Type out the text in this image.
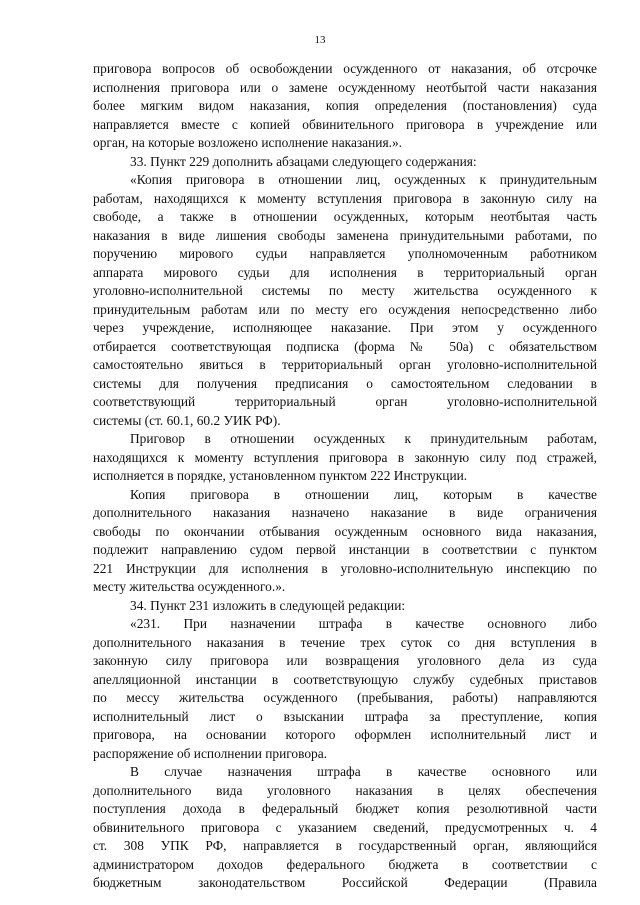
13
приговора вопросов об освобождении осужденного от наказания, об отсрочке
исполнения приговора или о замене осужденному неотбытой части наказания
более мягким видом наказания, копия определения (постановления) суда
направляется вместе с копией обвинительного приговора в учреждение или
орган, на которые возложено исполнение наказания.».
33. Пункт 229 дополнить абзацами следующего содержания:
«Копия приговора в отношении лиц, осужденных к принудительным
работам, находящихся к моменту вступления приговора в законную силу на
свободе, а также в отношении осужденных, которым неотбытая часть
наказания в виде лишения свободы заменена принудительными работами, по
поручению мирового судьи направляется уполномоченным работником
аппарата мирового судьи для исполнения в территориальный орган
уголовно-исполнительной системы по месту жительства осужденного к
принудительным работам или по месту его осуждения непосредственно либо
через учреждение, исполняющее наказание. При этом у осужденного
отбирается соответствующая подписка (форма № 50а) с обязательством
самостоятельно явиться в территориальный орган уголовно-исполнительной
системы для получения предписания о самостоятельном следовании в
соответствующий территориальный орган уголовно-исполнительной
системы (ст. 60.1, 60.2 УИК РФ).
Приговор в отношении осужденных к принудительным работам,
находящихся к моменту вступления приговора в законную силу под стражей,
исполняется в порядке, установленном пунктом 222 Инструкции.
Копия приговора в отношении лиц, которым в качестве
дополнительного наказания назначено наказание в виде ограничения
свободы по окончании отбывания осужденным основного вида наказания,
подлежит направлению судом первой инстанции в соответствии с пунктом
221 Инструкции для исполнения в уголовно-исполнительную инспекцию по
месту жительства осужденного.».
34. Пункт 231 изложить в следующей редакции:
«231. При назначении штрафа в качестве основного либо
дополнительного наказания в течение трех суток со дня вступления в
законную силу приговора или возвращения уголовного дела из суда
апелляционной инстанции в соответствующую службу судебных приставов
по мессу жительства осужденного (пребывания, работы) направляются
исполнительный лист о взыскании штрафа за преступление, копия
приговора, на основании которого оформлен исполнительный лист и
распоряжение об исполнении приговора.
В случае назначения штрафа в качестве основного или
дополнительного вида уголовного наказания в целях обеспечения
поступления дохода в федеральный бюджет копия резолютивной части
обвинительного приговора с указанием сведений, предусмотренных ч. 4
ст. 308 УПК РФ, направляется в государственный орган, являющийся
администратором доходов федерального бюджета в соответствии с
бюджетным законодательством Российской Федерации (Правила
